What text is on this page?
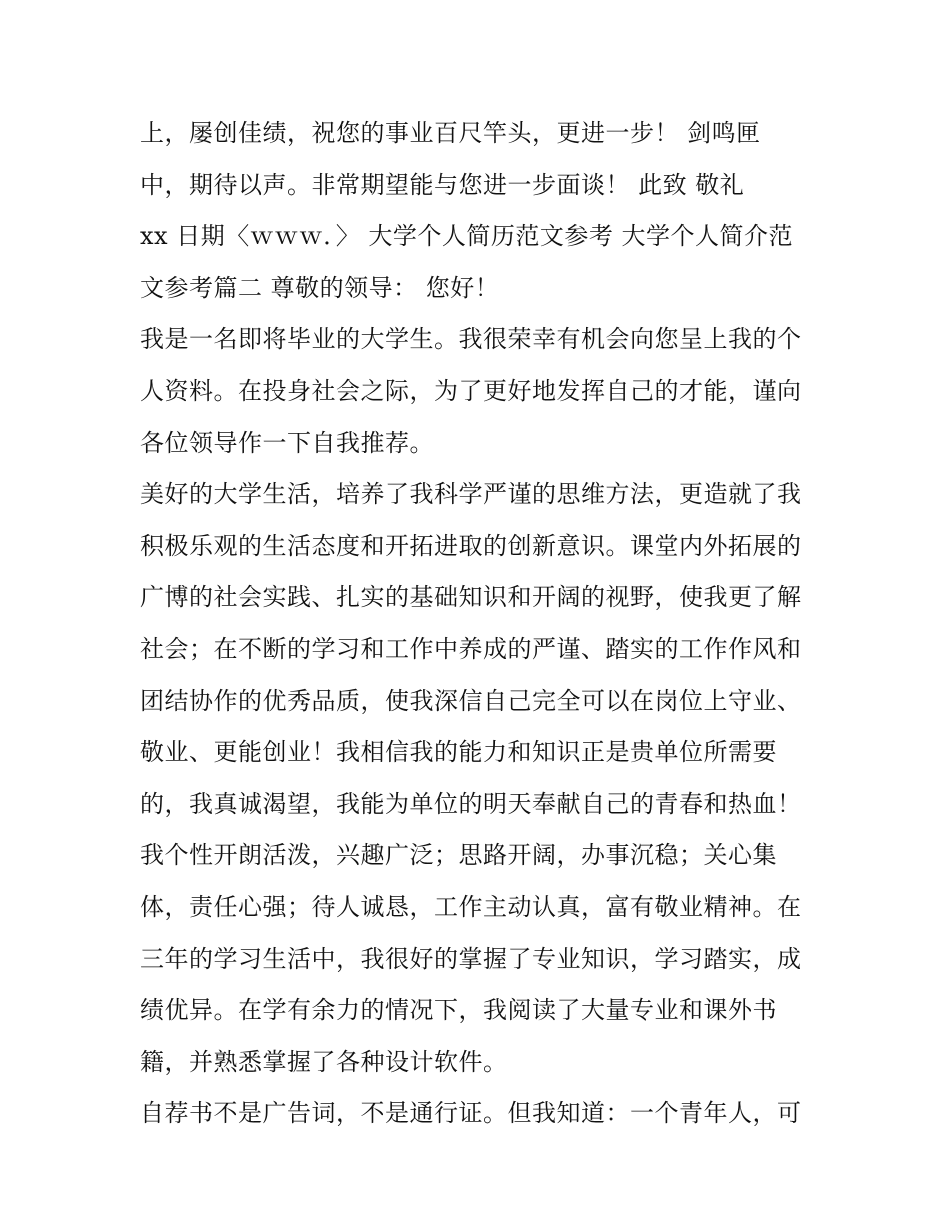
上，屡创佳绩，祝您的事业百尺竿头，更进一步！ 剑鸣匣
中，期待以声。非常期望能与您进一步面谈！ 此致 敬礼
xx 日期〈ｗｗｗ．〉 大学个人简历范文参考 大学个人简介范
文参考篇二 尊敬的领导： 您好！
我是一名即将毕业的大学生。我很荣幸有机会向您呈上我的个
人资料。在投身社会之际，为了更好地发挥自己的才能，谨向
各位领导作一下自我推荐。
美好的大学生活，培养了我科学严谨的思维方法，更造就了我
积极乐观的生活态度和开拓进取的创新意识。课堂内外拓展的
广博的社会实践、扎实的基础知识和开阔的视野，使我更了解
社会；在不断的学习和工作中养成的严谨、踏实的工作作风和
团结协作的优秀品质，使我深信自己完全可以在岗位上守业、
敬业、更能创业！我相信我的能力和知识正是贵单位所需要
的，我真诚渴望，我能为单位的明天奉献自己的青春和热血！
我个性开朗活泼，兴趣广泛；思路开阔，办事沉稳；关心集
体，责任心强；待人诚恳，工作主动认真，富有敬业精神。在
三年的学习生活中，我很好的掌握了专业知识，学习踏实，成
绩优异。在学有余力的情况下，我阅读了大量专业和课外书
籍，并熟悉掌握了各种设计软件。
自荐书不是广告词，不是通行证。但我知道：一个青年人，可
